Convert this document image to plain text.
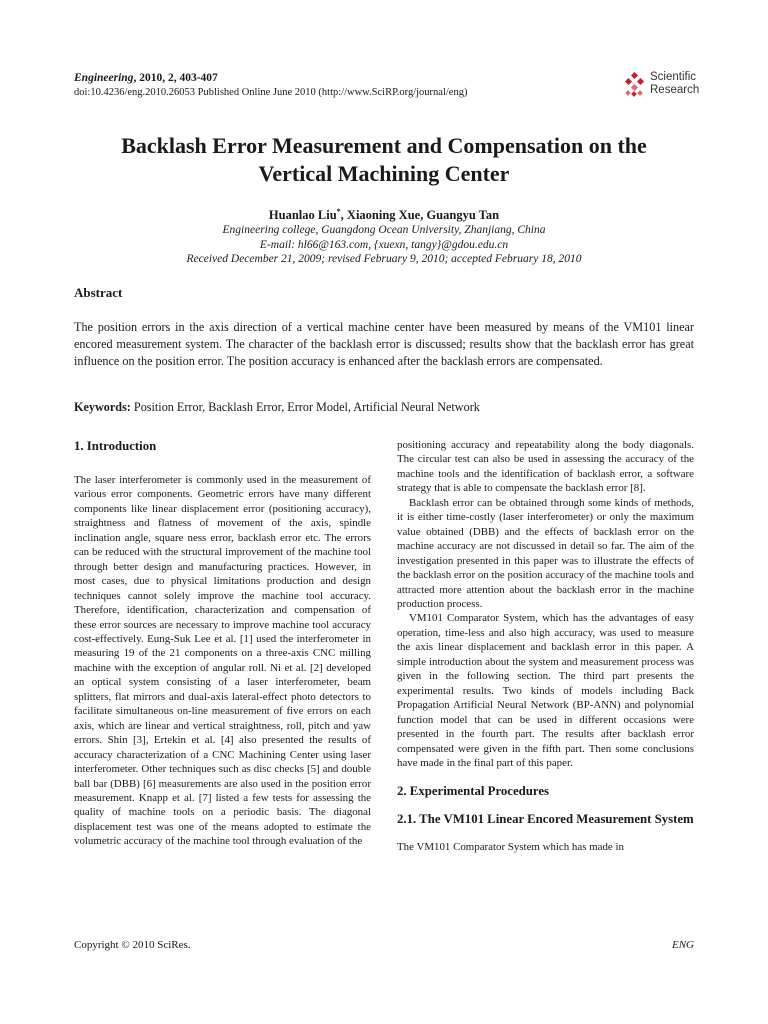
Engineering, 2010, 2, 403-407
doi:10.4236/eng.2010.26053 Published Online June 2010 (http://www.SciRP.org/journal/eng)
Scientific
Research
Backlash Error Measurement and Compensation on the
Vertical Machining Center
Huanlao Liu*, Xiaoning Xue, Guangyu Tan
Engineering college, Guangdong Ocean University, Zhanjiang, China
E-mail: hl66@163.com, {xuexn, tangy}@gdou.edu.cn
Received December 21, 2009; revised February 9, 2010; accepted February 18, 2010
Abstract
The position errors in the axis direction of a vertical machine center have been measured by means of the VM101 linear encored measurement system. The character of the backlash error is discussed; results show that the backlash error has great influence on the position error. The position accuracy is enhanced after the backlash errors are compensated.
Keywords: Position Error, Backlash Error, Error Model, Artificial Neural Network
1. Introduction

The laser interferometer is commonly used in the measurement of various error components. Geometric errors have many different components like linear displacement error (positioning accuracy), straightness and flatness of movement of the axis, spindle inclination angle, square ness error, backlash error etc. The errors can be reduced with the structural improvement of the machine tool through better design and manufacturing practices. However, in most cases, due to physical limitations production and design techniques cannot solely improve the machine tool accuracy. Therefore, identification, characterization and compensation of these error sources are necessary to improve machine tool accuracy cost-effectively. Eung-Suk Lee et al. [1] used the interferometer in measuring 19 of the 21 components on a three-axis CNC milling machine with the exception of angular roll. Ni et al. [2] developed an optical system consisting of a laser interferometer, beam splitters, flat mirrors and dual-axis lateral-effect photo detectors to facilitate simultaneous on-line measurement of five errors on each axis, which are linear and vertical straightness, roll, pitch and yaw errors. Shin [3], Ertekin et al. [4] also presented the results of accuracy characterization of a CNC Machining Center using laser interferometer. Other techniques such as disc checks [5] and double ball bar (DBB) [6] measurements are also used in the position error measurement. Knapp et al. [7] listed a few tests for assessing the quality of machine tools on a periodic basis. The diagonal displacement test was one of the means adopted to estimate the volumetric accuracy of the machine tool through evaluation of the

positioning accuracy and repeatability along the body diagonals. The circular test can also be used in assessing the accuracy of the machine tools and the identification of backlash error, a software strategy that is able to compensate the backlash error [8].

Backlash error can be obtained through some kinds of methods, it is either time-costly (laser interferometer) or only the maximum value obtained (DBB) and the effects of backlash error on the machine accuracy are not discussed in detail so far. The aim of the investigation presented in this paper was to illustrate the effects of the backlash error on the position accuracy of the machine tools and attracted more attention about the backlash error in the machine production process.

VM101 Comparator System, which has the advantages of easy operation, time-less and also high accuracy, was used to measure the axis linear displacement and backlash error in this paper. A simple introduction about the system and measurement process was given in the following section. The third part presents the experimental results. Two kinds of models including Back Propagation Artificial Neural Network (BP-ANN) and polynomial function model that can be used in different occasions were presented in the fourth part. The results after backlash error compensated were given in the fifth part. Then some conclusions have made in the final part of this paper.

2. Experimental Procedures
2.1. The VM101 Linear Encored Measurement System

The VM101 Comparator System which has made in

Copyright © 2010 SciRes.	ENG
